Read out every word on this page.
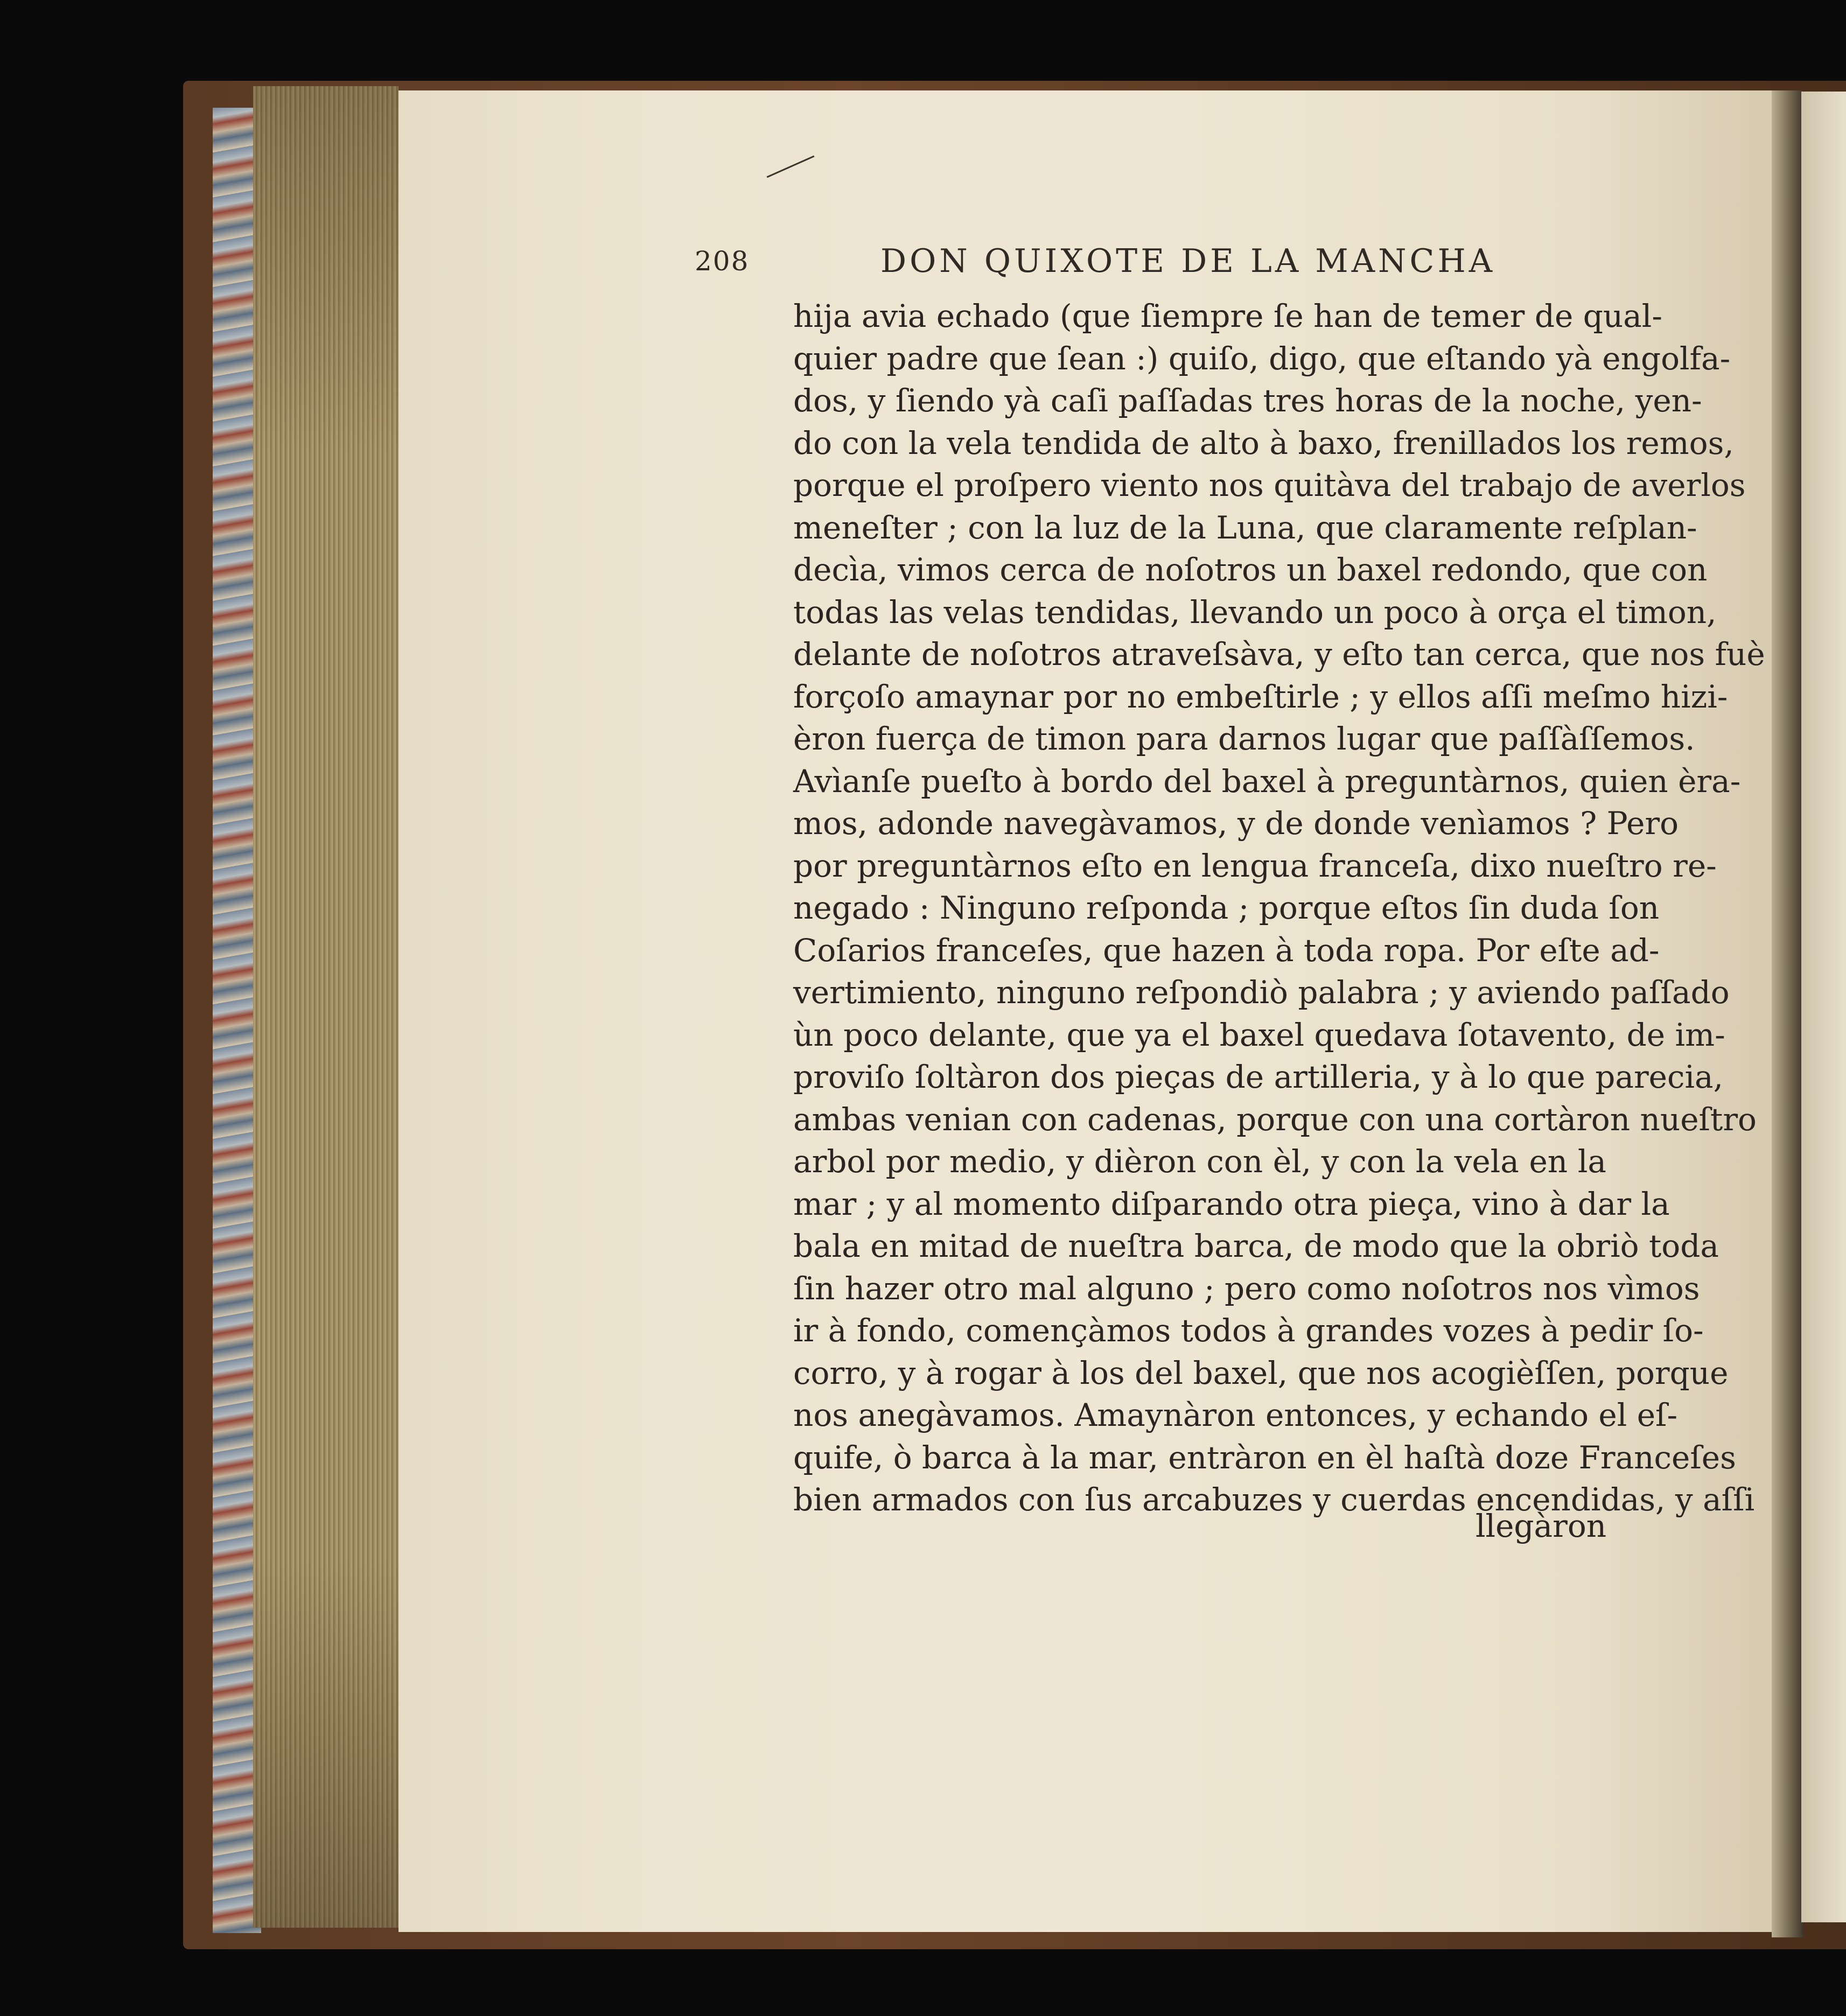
208	DON QUIXOTE DE LA MANCHA
hija avia echado (que ſiempre ſe han de temer de qual-
quier padre que ſean :) quiſo, digo, que eſtando yà engolfa-
dos, y ſiendo yà caſi paſſadas tres horas de la noche, yen-
do con la vela tendida de alto à baxo, frenillados los remos,
porque el proſpero viento nos quitàva del trabajo de averlos
meneſter ; con la luz de la Luna, que claramente reſplan-
decìa, vimos cerca de noſotros un baxel redondo, que con
todas las velas tendidas, llevando un poco à orça el timon,
delante de noſotros atraveſsàva, y eſto tan cerca, que nos fuè
forçoſo amaynar por no embeſtirle ; y ellos aſſi meſmo hizi-
èron fuerça de timon para darnos lugar que paſſàſſemos.
Avìanſe pueſto à bordo del baxel à preguntàrnos, quien èra-
mos, adonde navegàvamos, y de donde venìamos ? Pero
por preguntàrnos eſto en lengua franceſa, dixo nueſtro re-
negado : Ninguno reſponda ; porque eſtos ſin duda ſon
Coſarios franceſes, que hazen à toda ropa. Por eſte ad-
vertimiento, ninguno reſpondiò palabra ; y aviendo paſſado
ùn poco delante, que ya el baxel quedava ſotavento, de im-
proviſo ſoltàron dos pieças de artilleria, y à lo que parecia,
ambas venian con cadenas, porque con una cortàron nueſtro
arbol por medio, y dièron con èl, y con la vela en la
mar ; y al momento diſparando otra pieça, vino à dar la
bala en mitad de nueſtra barca, de modo que la obriò toda
ſin hazer otro mal alguno ; pero como noſotros nos vìmos
ir à fondo, començàmos todos à grandes vozes à pedir ſo-
corro, y à rogar à los del baxel, que nos acogièſſen, porque
nos anegàvamos. Amaynàron entonces, y echando el eſ-
quife, ò barca à la mar, entràron en èl haſtà doze Franceſes
bien armados con ſus arcabuzes y cuerdas encendidas, y aſſi
llegàron
